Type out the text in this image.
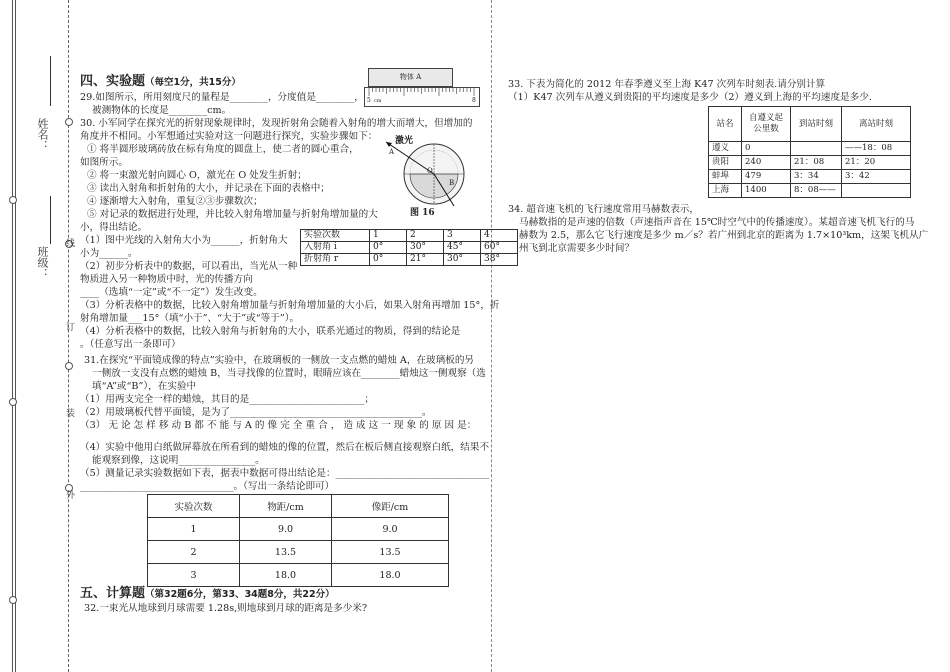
姓名：
班级：
线
订
装
外
四、实验题（每空1分，共15分）
29.如图所示，所用刻度尺的量程是________，分度值是________，
被测物体的长度是________cm。
物体 A
5 cm	8
30. 小军同学在探究光的折射现象规律时，发现折射角会随着入射角的增大而增大，但增加的
角度并不相同。小军想通过实验对这一问题进行探究，实验步骤如下：
① 将半圆形玻璃砖放在标有角度的圆盘上，使二者的圆心重合，
如图所示。
② 将一束激光射向圆心 O，激光在 O 处发生折射；
③ 读出入射角和折射角的大小，并记录在下面的表格中；
④ 逐渐增大入射角，重复②③步骤数次；
⑤ 对记录的数据进行处理，并比较入射角增加量与折射角增加量的大
小，得出结论。
（1）图中光线的入射角大小为______，折射角大
小为______。
（2）初步分析表中的数据，可以看出，当光从一种
物质进入另一种物质中时，光的传播方向
____（选填“一定”或“不一定”）发生改变。
（3）分析表格中的数据，比较入射角增加量与折射角增加量的大小后，如果入射角再增加 15°，折
射角增加量___15°（填“小于”、“大于”或“等于”）。
（4）分析表格中的数据，比较入射角与折射角的大小，联系光通过的物质，得到的结论是
。（任意写出一条即可）
激光
A
O
B
图 16
实验次数	1	2	3	4
入射角 i	0°	30°	45°	60°
折射角 r	0°	21°	30°	38°
31.在探究“平面镜成像的特点”实验中，在玻璃板的一侧放一支点燃的蜡烛 A，在玻璃板的另
一侧放一支没有点燃的蜡烛 B，当寻找像的位置时，眼睛应该在________蜡烛这一侧观察（选
填“A”或“B”），在实验中
（1）用两支完全一样的蜡烛，其目的是________________________；
（2）用玻璃板代替平面镜，是为了________________________________________。
（3） 无 论 怎 样 移 动 B 都 不 能 与 A 的 像 完 全 重 合 ， 造 成 这 一 现 象 的 原 因 是：
（4）实验中他用白纸做屏幕放在所看到的蜡烛的像的位置，然后在板后侧直接观察白纸，结果不
能观察到像，这说明________________。
（5）测量记录实验数据如下表，据表中数据可得出结论是：________________________________
________________________________。（写出一条结论即可）
实验次数	物距/cm	像距/cm
1	9.0	9.0
2	13.5	13.5
3	18.0	18.0
五、计算题（第32题6分，第33、34题8分，共22分）
32.一束光从地球到月球需要 1.28s,则地球到月球的距离是多少米?
33. 下表为简化的 2012 年春季遵义至上海 K47 次列车时刻表.请分别计算
（1）K47 次列车从遵义到贵阳的平均速度是多少（2）遵义到上海的平均速度是多少.
站名	自遵义起公里数	到站时刻	离站时刻
遵义	0		——18：08
贵阳	240	21：08	21：20
蚌埠	479	3：34	3：42
上海	1400	8：08——	
34. 超音速飞机的飞行速度常用马赫数表示，
马赫数指的是声速的倍数（声速指声音在 15℃时空气中的传播速度）。某超音速飞机飞行的马
赫数为 2.5，那么它飞行速度是多少 m／s？若广州到北京的距离为 1.7×10³km，这架飞机从广
州飞到北京需要多少时间？
